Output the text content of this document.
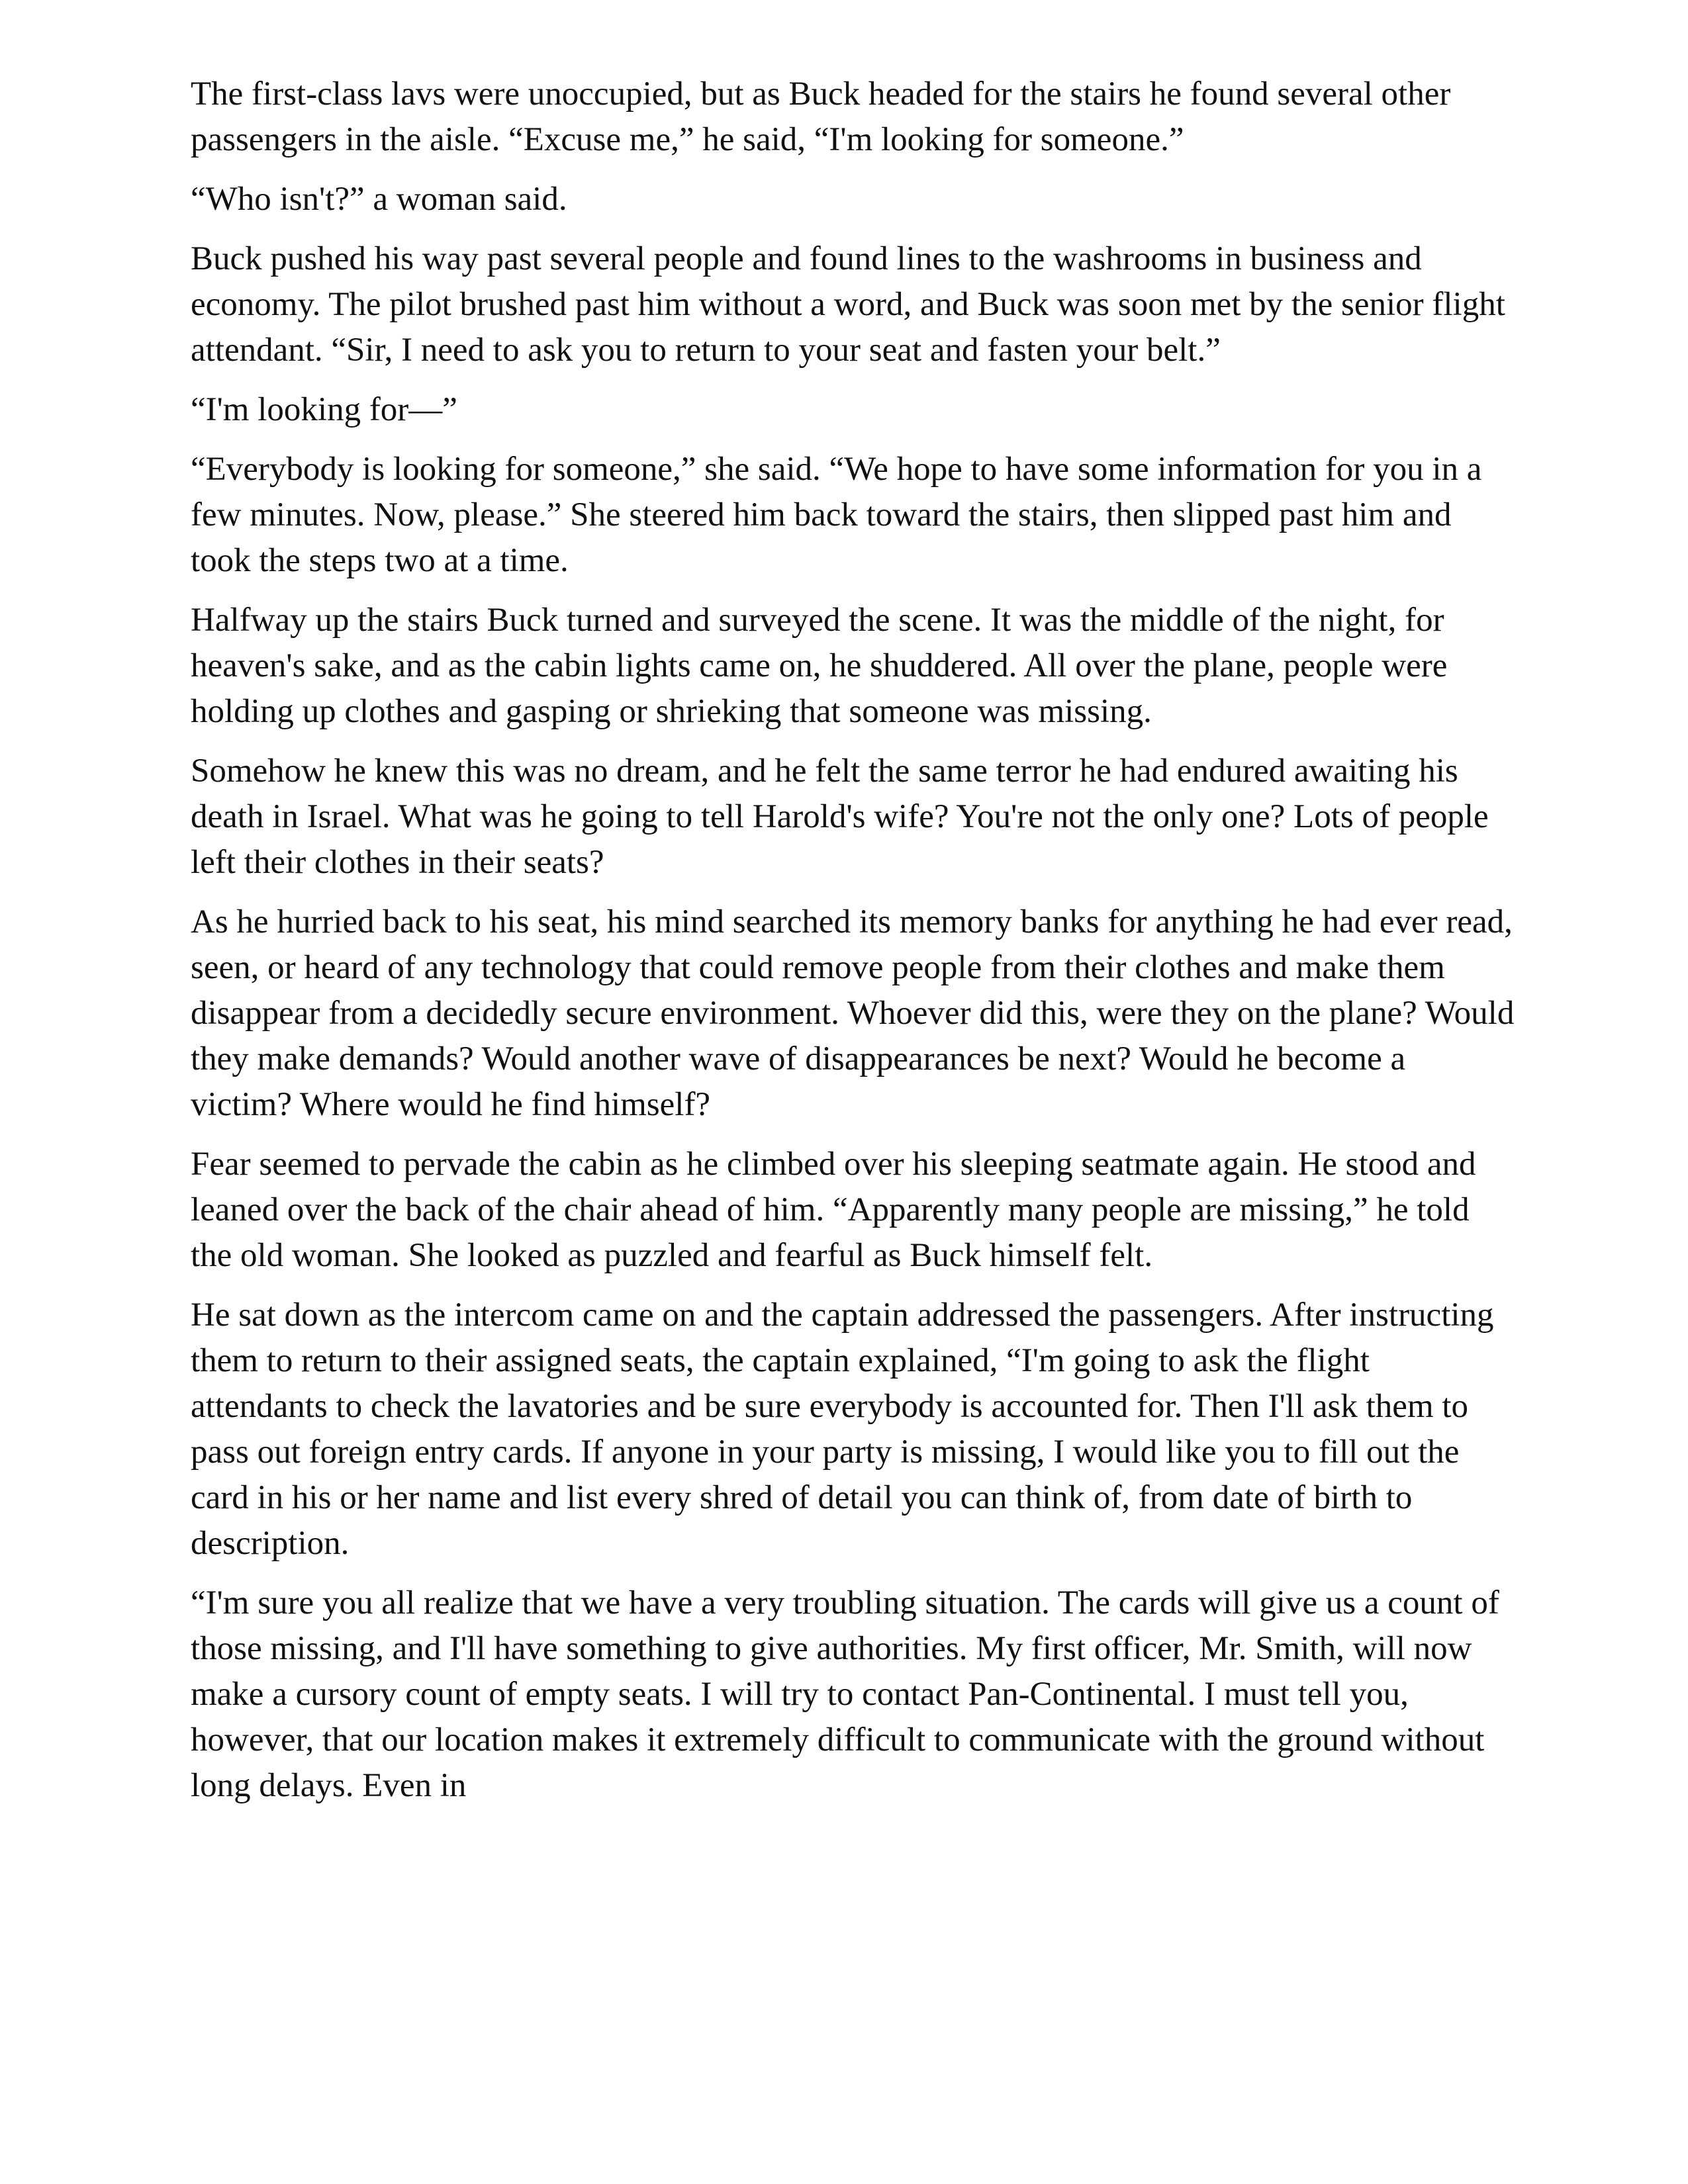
The first-class lavs were unoccupied, but as Buck headed for the stairs he found several other passengers in the aisle. “Excuse me,” he said, “I'm looking for someone.”

“Who isn't?” a woman said.

Buck pushed his way past several people and found lines to the washrooms in business and economy. The pilot brushed past him without a word, and Buck was soon met by the senior flight attendant. “Sir, I need to ask you to return to your seat and fasten your belt.”

“I'm looking for—”

“Everybody is looking for someone,” she said. “We hope to have some information for you in a few minutes. Now, please.” She steered him back toward the stairs, then slipped past him and took the steps two at a time.

Halfway up the stairs Buck turned and surveyed the scene. It was the middle of the night, for heaven's sake, and as the cabin lights came on, he shuddered. All over the plane, people were holding up clothes and gasping or shrieking that someone was missing.

Somehow he knew this was no dream, and he felt the same terror he had endured awaiting his death in Israel. What was he going to tell Harold's wife? You're not the only one? Lots of people left their clothes in their seats?

As he hurried back to his seat, his mind searched its memory banks for anything he had ever read, seen, or heard of any technology that could remove people from their clothes and make them disappear from a decidedly secure environment. Whoever did this, were they on the plane? Would they make demands? Would another wave of disappearances be next? Would he become a victim? Where would he find himself?

Fear seemed to pervade the cabin as he climbed over his sleeping seatmate again. He stood and leaned over the back of the chair ahead of him. “Apparently many people are missing,” he told the old woman. She looked as puzzled and fearful as Buck himself felt.

He sat down as the intercom came on and the captain addressed the passengers. After instructing them to return to their assigned seats, the captain explained, “I'm going to ask the flight attendants to check the lavatories and be sure everybody is accounted for. Then I'll ask them to pass out foreign entry cards. If anyone in your party is missing, I would like you to fill out the card in his or her name and list every shred of detail you can think of, from date of birth to description.

“I'm sure you all realize that we have a very troubling situation. The cards will give us a count of those missing, and I'll have something to give authorities. My first officer, Mr. Smith, will now make a cursory count of empty seats. I will try to contact Pan-Continental. I must tell you, however, that our location makes it extremely difficult to communicate with the ground without long delays. Even in
